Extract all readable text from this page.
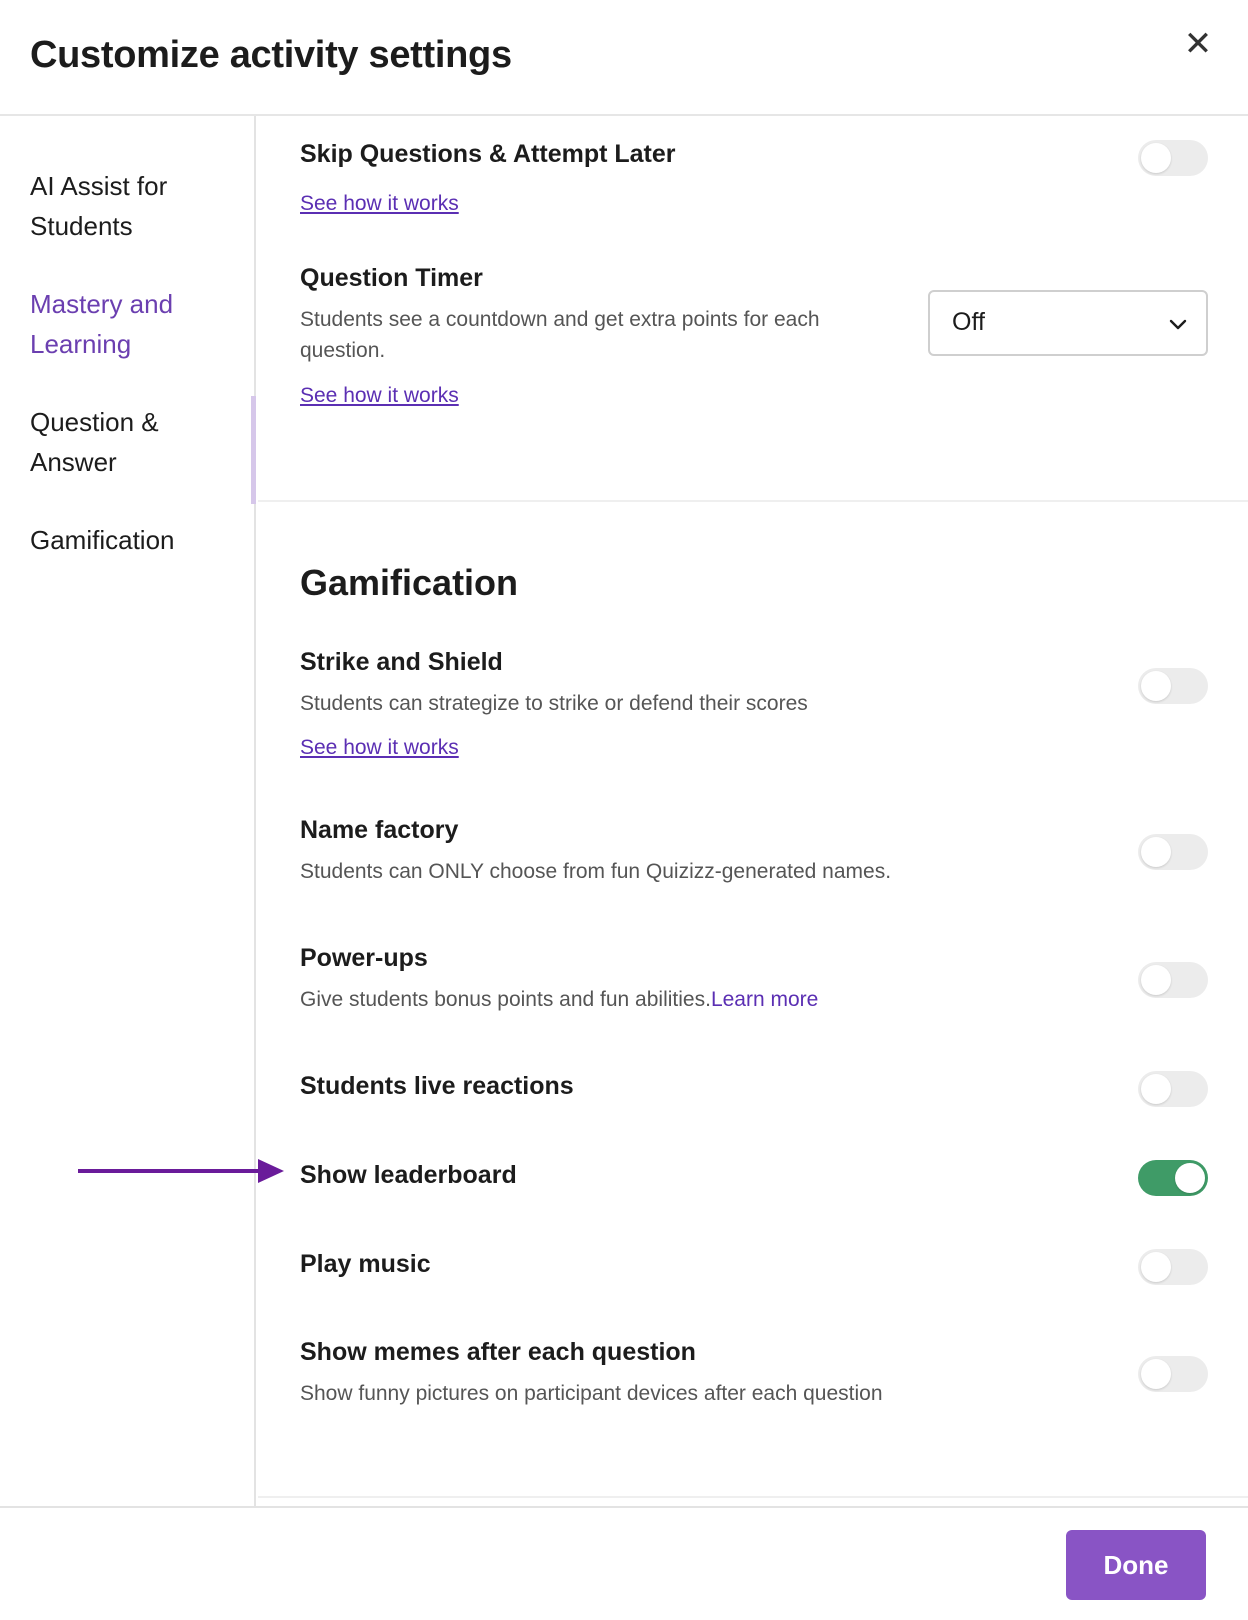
Customize activity settings	✕
AI Assist for Students
Mastery and Learning
Question & Answer
Gamification
Skip Questions & Attempt Later
See how it works
Question Timer
Students see a countdown and get extra points for each
question.
See how it works
Off
Gamification
Strike and Shield
Students can strategize to strike or defend their scores
See how it works
Name factory
Students can ONLY choose from fun Quizizz-generated names.
Power-ups
Give students bonus points and fun abilities.Learn more
Students live reactions
Show leaderboard
Play music
Show memes after each question
Show funny pictures on participant devices after each question
Done
